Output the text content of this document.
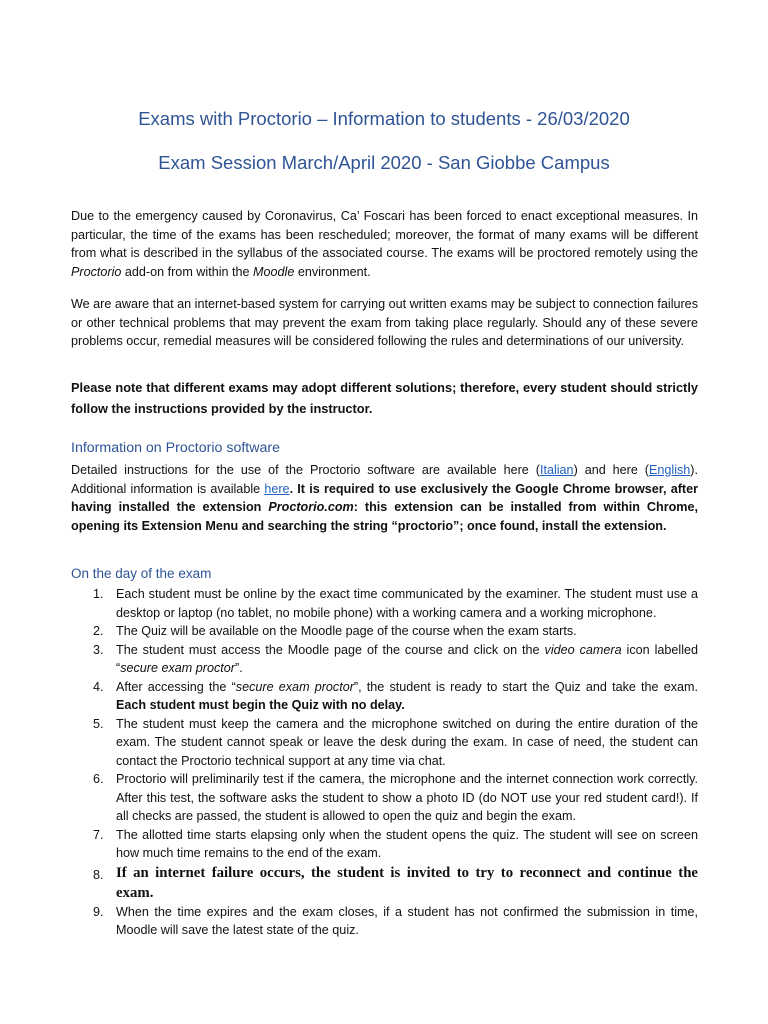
Exams with Proctorio – Information to students - 26/03/2020
Exam Session March/April 2020 - San Giobbe Campus

Due to the emergency caused by Coronavirus, Ca’ Foscari has been forced to enact exceptional measures. In particular, the time of the exams has been rescheduled; moreover, the format of many exams will be different from what is described in the syllabus of the associated course. The exams will be proctored remotely using the Proctorio add-on from within the Moodle environment.

We are aware that an internet-based system for carrying out written exams may be subject to connection failures or other technical problems that may prevent the exam from taking place regularly. Should any of these severe problems occur, remedial measures will be considered following the rules and determinations of our university.

Please note that different exams may adopt different solutions; therefore, every student should strictly follow the instructions provided by the instructor.

Information on Proctorio software

Detailed instructions for the use of the Proctorio software are available here (Italian) and here (English). Additional information is available here. It is required to use exclusively the Google Chrome browser, after having installed the extension Proctorio.com: this extension can be installed from within Chrome, opening its Extension Menu and searching the string “proctorio”; once found, install the extension.

On the day of the exam
1. Each student must be online by the exact time communicated by the examiner. The student must use a desktop or laptop (no tablet, no mobile phone) with a working camera and a working microphone.
2. The Quiz will be available on the Moodle page of the course when the exam starts.
3. The student must access the Moodle page of the course and click on the video camera icon labelled “secure exam proctor”.
4. After accessing the “secure exam proctor”, the student is ready to start the Quiz and take the exam. Each student must begin the Quiz with no delay.
5. The student must keep the camera and the microphone switched on during the entire duration of the exam. The student cannot speak or leave the desk during the exam. In case of need, the student can contact the Proctorio technical support at any time via chat.
6. Proctorio will preliminarily test if the camera, the microphone and the internet connection work correctly. After this test, the software asks the student to show a photo ID (do NOT use your red student card!). If all checks are passed, the student is allowed to open the quiz and begin the exam.
7. The allotted time starts elapsing only when the student opens the quiz. The student will see on screen how much time remains to the end of the exam.
8. If an internet failure occurs, the student is invited to try to reconnect and continue the exam.
9. When the time expires and the exam closes, if a student has not confirmed the submission in time, Moodle will save the latest state of the quiz.
